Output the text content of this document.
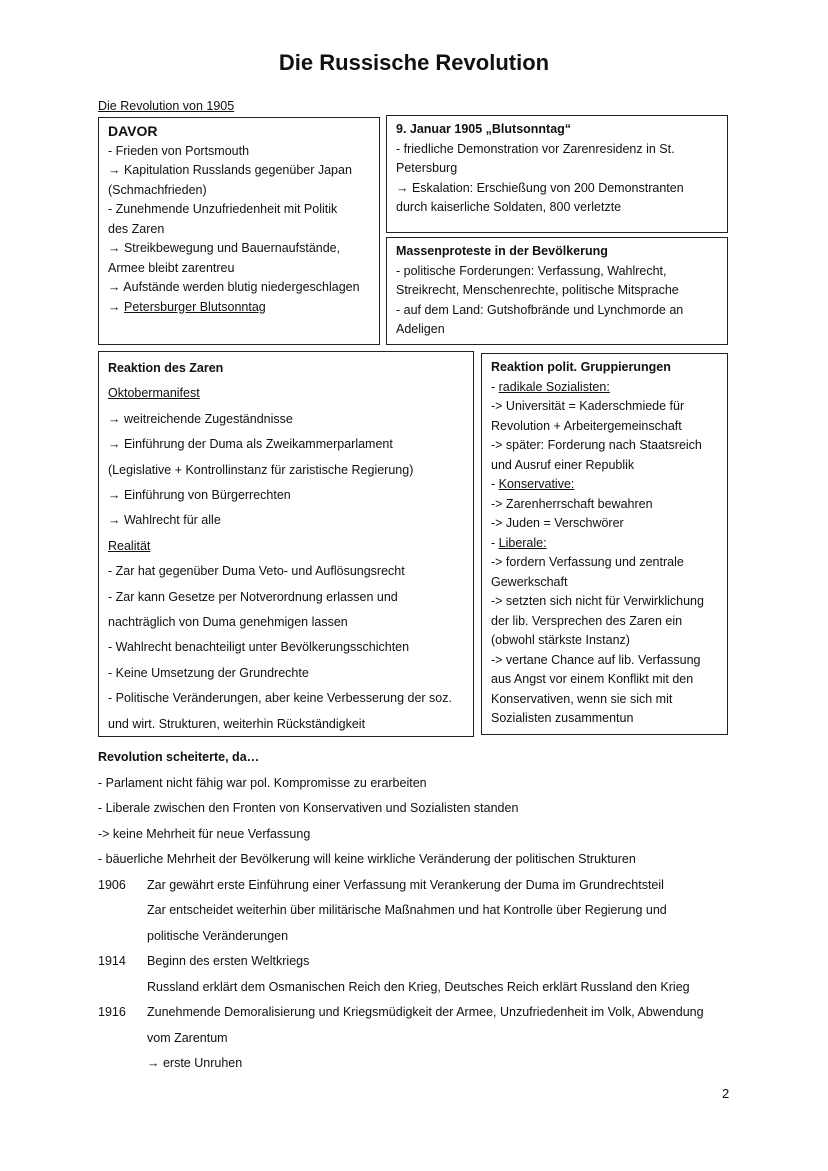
Die Russische Revolution
Die Revolution von 1905
DAVOR
- Frieden von Portsmouth
→ Kapitulation Russlands gegenüber Japan
(Schmachfrieden)
- Zunehmende Unzufriedenheit mit Politik
des Zaren
→ Streikbewegung und Bauernaufstände,
Armee bleibt zarentreu
→ Aufstände werden blutig niedergeschlagen
→ Petersburger Blutsonntag
9. Januar 1905 „Blutsonntag“
- friedliche Demonstration vor Zarenresidenz in St.
Petersburg
→ Eskalation: Erschießung von 200 Demonstranten
durch kaiserliche Soldaten, 800 verletzte
Massenproteste in der Bevölkerung
- politische Forderungen: Verfassung, Wahlrecht,
Streikrecht, Menschenrechte, politische Mitsprache
- auf dem Land: Gutshofbrände und Lynchmorde an
Adeligen
Reaktion des Zaren
Oktobermanifest
→ weitreichende Zugeständnisse
→ Einführung der Duma als Zweikammerparlament
(Legislative + Kontrollinstanz für zaristische Regierung)
→ Einführung von Bürgerrechten
→ Wahlrecht für alle
Realität
- Zar hat gegenüber Duma Veto- und Auflösungsrecht
- Zar kann Gesetze per Notverordnung erlassen und
nachträglich von Duma genehmigen lassen
- Wahlrecht benachteiligt unter Bevölkerungsschichten
- Keine Umsetzung der Grundrechte
- Politische Veränderungen, aber keine Verbesserung der soz.
und wirt. Strukturen, weiterhin Rückständigkeit
Reaktion polit. Gruppierungen
- radikale Sozialisten:
-> Universität = Kaderschmiede für
Revolution + Arbeitergemeinschaft
-> später: Forderung nach Staatsreich
und Ausruf einer Republik
- Konservative:
-> Zarenherrschaft bewahren
-> Juden = Verschwörer
- Liberale:
-> fordern Verfassung und zentrale
Gewerkschaft
-> setzten sich nicht für Verwirklichung
der lib. Versprechen des Zaren ein
(obwohl stärkste Instanz)
-> vertane Chance auf lib. Verfassung
aus Angst vor einem Konflikt mit den
Konservativen, wenn sie sich mit
Sozialisten zusammentun
Revolution scheiterte, da…
- Parlament nicht fähig war pol. Kompromisse zu erarbeiten
- Liberale zwischen den Fronten von Konservativen und Sozialisten standen
-> keine Mehrheit für neue Verfassung
- bäuerliche Mehrheit der Bevölkerung will keine wirkliche Veränderung der politischen Strukturen
1906	Zar gewährt erste Einführung einer Verfassung mit Verankerung der Duma im Grundrechtsteil
Zar entscheidet weiterhin über militärische Maßnahmen und hat Kontrolle über Regierung und
politische Veränderungen
1914	Beginn des ersten Weltkriegs
Russland erklärt dem Osmanischen Reich den Krieg, Deutsches Reich erklärt Russland den Krieg
1916	Zunehmende Demoralisierung und Kriegsmüdigkeit der Armee, Unzufriedenheit im Volk, Abwendung
vom Zarentum
→ erste Unruhen
2
